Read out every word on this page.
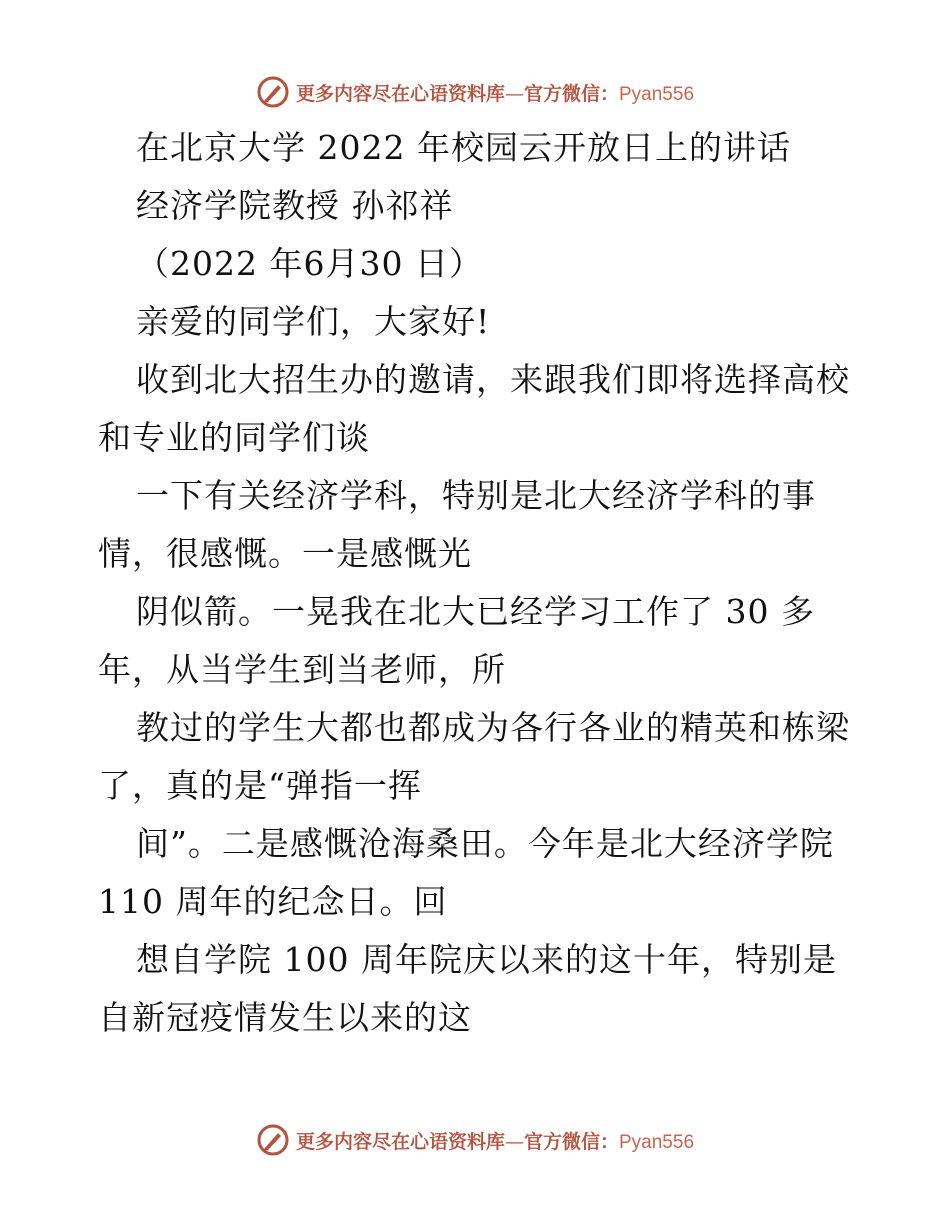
更多内容尽在心语资料库—官方微信：Pyan556
在北京大学 2022 年校园云开放日上的讲话
经济学院教授 孙祁祥
（2022 年6月30 日）
亲爱的同学们，大家好!
收到北大招生办的邀请，来跟我们即将选择高校
和专业的同学们谈
一下有关经济学科，特别是北大经济学科的事
情，很感慨。一是感慨光
阴似箭。一晃我在北大已经学习工作了 30 多
年，从当学生到当老师，所
教过的学生大都也都成为各行各业的精英和栋梁
了，真的是“弹指一挥
间”。二是感慨沧海桑田。今年是北大经济学院
110 周年的纪念日。回
想自学院 100 周年院庆以来的这十年，特别是
自新冠疫情发生以来的这
更多内容尽在心语资料库—官方微信：Pyan556
